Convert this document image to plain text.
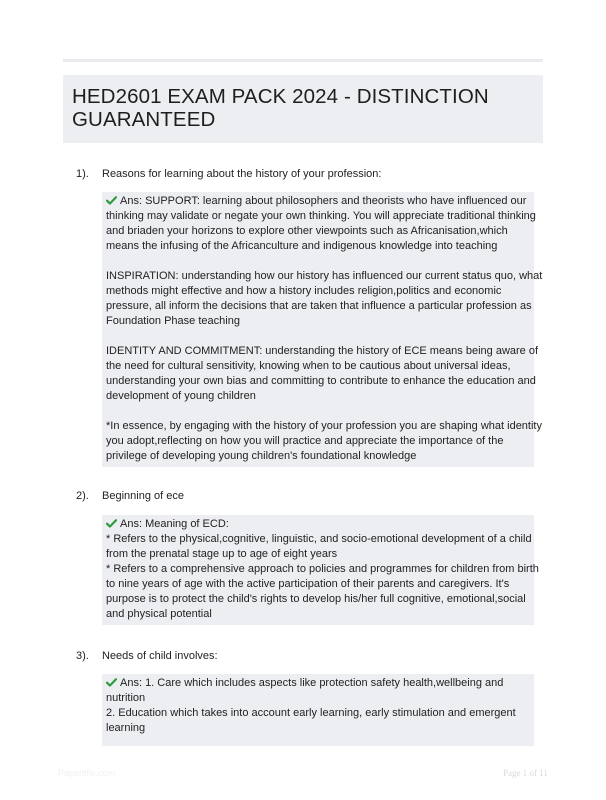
HED2601 EXAM PACK 2024 - DISTINCTION
GUARANTEED
1). Reasons for learning about the history of your profession:

Ans: SUPPORT: learning about philosophers and theorists who have influenced our

thinking may validate or negate your own thinking. You will appreciate traditional thinking

and briaden your horizons to explore other viewpoints such as Africanisation,which

means the infusing of the Africanculture and indigenous knowledge into teaching

INSPIRATION: understanding how our history has influenced our current status quo, what

methods might effective and how a history includes religion,politics and economic

pressure, all inform the decisions that are taken that influence a particular profession as

Foundation Phase teaching

IDENTITY AND COMMITMENT: understanding the history of ECE means being aware of

the need for cultural sensitivity, knowing when to be cautious about universal ideas,

understanding your own bias and committing to contribute to enhance the education and

development of young children

*In essence, by engaging with the history of your profession you are shaping what identity

you adopt,reflecting on how you will practice and appreciate the importance of the

privilege of developing young children's foundational knowledge

2). Beginning of ece

Ans: Meaning of ECD:

* Refers to the physical,cognitive, linguistic, and socio-emotional development of a child

from the prenatal stage up to age of eight years

* Refers to a comprehensive approach to policies and programmes for children from birth

to nine years of age with the active participation of their parents and caregivers. It's

purpose is to protect the child's rights to develop his/her full cognitive, emotional,social

and physical potential

3). Needs of child involves:

Ans: 1. Care which includes aspects like protection safety health,wellbeing and

nutrition

2. Education which takes into account early learning, early stimulation and emergent

learning

Papertifix.com	Page 1 of 11
